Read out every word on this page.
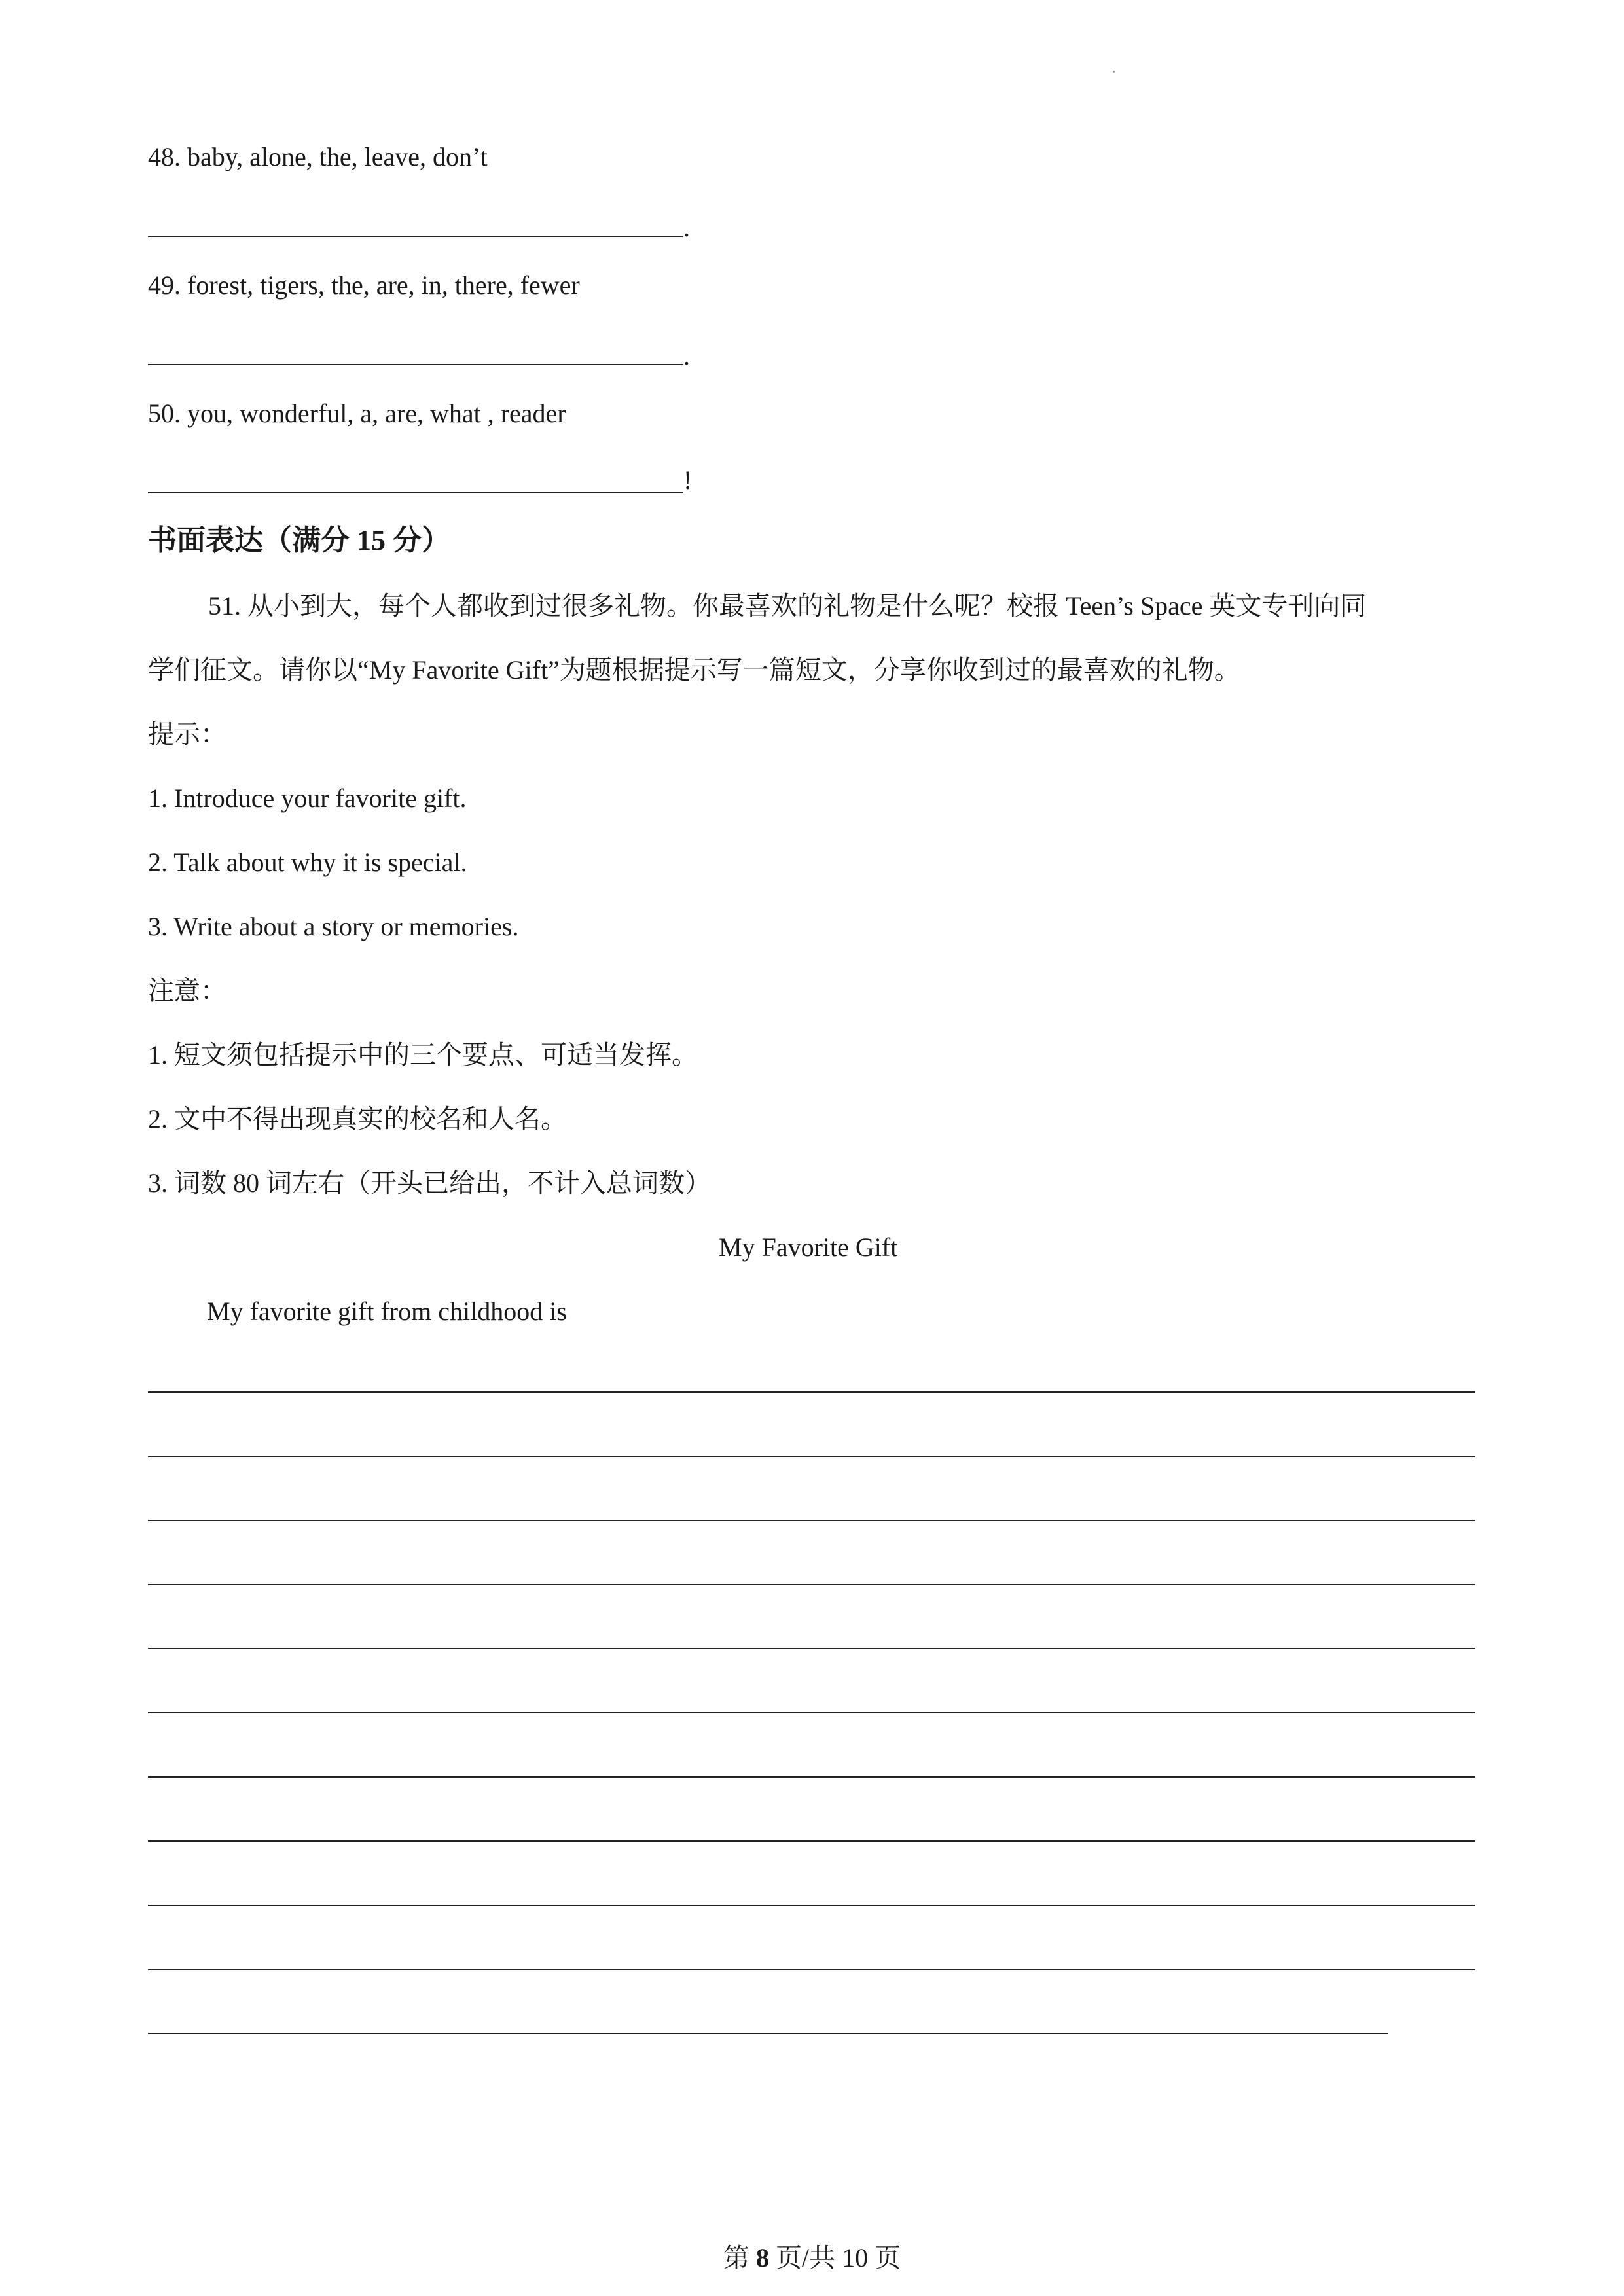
48. baby, alone, the, leave, don’t
.
49. forest, tigers, the, are, in, there, fewer
.
50. you, wonderful, a, are, what , reader
!
书面表达（满分 15 分）
51. 从小到大，每个人都收到过很多礼物。你最喜欢的礼物是什么呢？校报 Teen’s Space 英文专刊向同
学们征文。请你以“My Favorite Gift”为题根据提示写一篇短文，分享你收到过的最喜欢的礼物。
提示：
1. Introduce your favorite gift.
2. Talk about why it is special.
3. Write about a story or memories.
注意：
1. 短文须包括提示中的三个要点、可适当发挥。
2. 文中不得出现真实的校名和人名。
3. 词数 80 词左右（开头已给出，不计入总词数）
My Favorite Gift
My favorite gift from childhood is
第 8 页/共 10 页
